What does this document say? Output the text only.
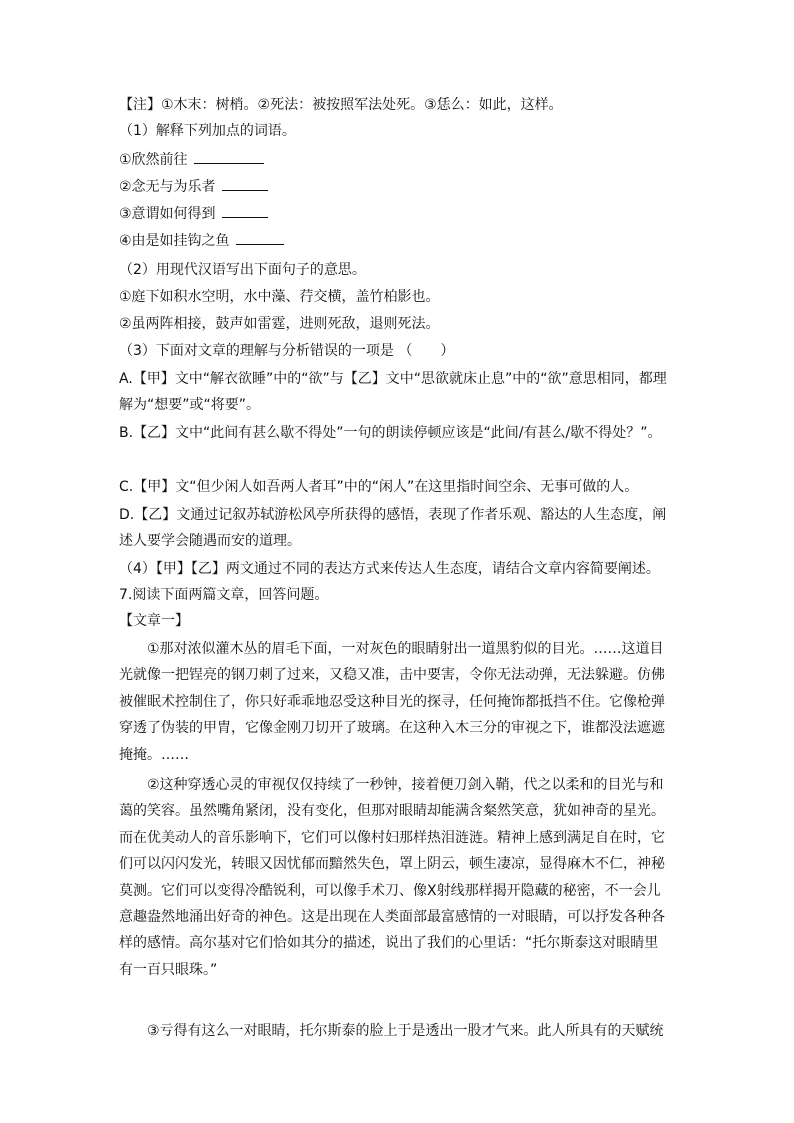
【注】①木末：树梢。②死法：被按照军法处死。③恁么：如此，这样。
（1）解释下列加点的词语。
①欣然前往
②念无与为乐者
③意谓如何得到
④由是如挂钩之鱼
（2）用现代汉语写出下面句子的意思。
①庭下如积水空明，水中藻、荇交横，盖竹柏影也。
②虽两阵相接，鼓声如雷霆，进则死敌，退则死法。
（3）下面对文章的理解与分析错误的一项是 （　　）
A.【甲】文中“解衣欲睡”中的“欲”与【乙】文中“思欲就床止息”中的“欲”意思相同，都理解为“想要”或“将要”。
B.【乙】文中“此间有甚么歇不得处”一句的朗读停顿应该是“此间/有甚么/歇不得处？”。
C.【甲】文“但少闲人如吾两人者耳”中的“闲人”在这里指时间空余、无事可做的人。
D.【乙】文通过记叙苏轼游松风亭所获得的感悟，表现了作者乐观、豁达的人生态度，阐述人要学会随遇而安的道理。
（4）【甲】【乙】两文通过不同的表达方式来传达人生态度，请结合文章内容简要阐述。
7.阅读下面两篇文章，回答问题。
【文章一】
①那对浓似灌木丛的眉毛下面，一对灰色的眼睛射出一道黑豹似的目光。……这道目光就像一把锃亮的钢刀刺了过来，又稳又准，击中要害，令你无法动弹，无法躲避。仿佛被催眠术控制住了，你只好乖乖地忍受这种目光的探寻，任何掩饰都抵挡不住。它像枪弹穿透了伪装的甲胄，它像金刚刀切开了玻璃。在这种入木三分的审视之下，谁都没法遮遮掩掩。……
②这种穿透心灵的审视仅仅持续了一秒钟，接着便刀剑入鞘，代之以柔和的目光与和蔼的笑容。虽然嘴角紧闭，没有变化，但那对眼睛却能满含粲然笑意，犹如神奇的星光。而在优美动人的音乐影响下，它们可以像村妇那样热泪涟涟。精神上感到满足自在时，它们可以闪闪发光，转眼又因忧郁而黯然失色，罩上阴云，顿生凄凉，显得麻木不仁，神秘莫测。它们可以变得冷酷锐利，可以像手术刀、像X射线那样揭开隐藏的秘密，不一会儿意趣盎然地涌出好奇的神色。这是出现在人类面部最富感情的一对眼睛，可以抒发各种各样的感情。高尔基对它们恰如其分的描述，说出了我们的心里话：“托尔斯泰这对眼睛里有一百只眼珠。”
③亏得有这么一对眼睛，托尔斯泰的脸上于是透出一股才气来。此人所具有的天赋统
